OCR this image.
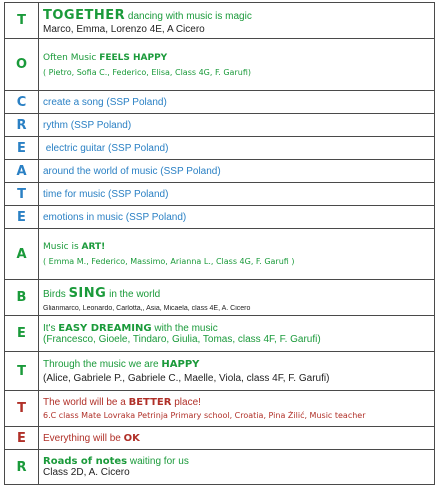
T	TOGETHER dancing with music is magic
Marco, Emma, Lorenzo 4E, A Cicero

O	Often Music FEELS HAPPY
( Pietro, Sofia C., Federico, Elisa, Class 4G, F. Garufi)

C	create a song (SSP Poland)
R	rythm (SSP Poland)
E	electric guitar (SSP Poland)
A	around the world of music (SSP Poland)
T	time for music (SSP Poland)
E	emotions in music (SSP Poland)
A	Music is ART!
( Emma M., Federico, Massimo, Arianna L., Class 4G, F. Garufi )

B	Birds SING in the world
Glianmarco, Leonardo, Carlotta,, Asia, Micaela, class 4E, A. Cicero

E	It's EASY DREAMING with the music
(Francesco, Gioele, Tindaro, Giulia, Tomas, class 4F, F. Garufi)

T	Through the music we are HAPPY
(Alice, Gabriele P., Gabriele C., Maelle, Viola, class 4F, F. Garufi)

T	The world will be a BETTER place!
6.C class Mate Lovraka Petrinja Primary school, Croatia, Pina Žilić, Music teacher

E	Everything will be OK

R	Roads of notes waiting for us
Class 2D, A. Cicero
